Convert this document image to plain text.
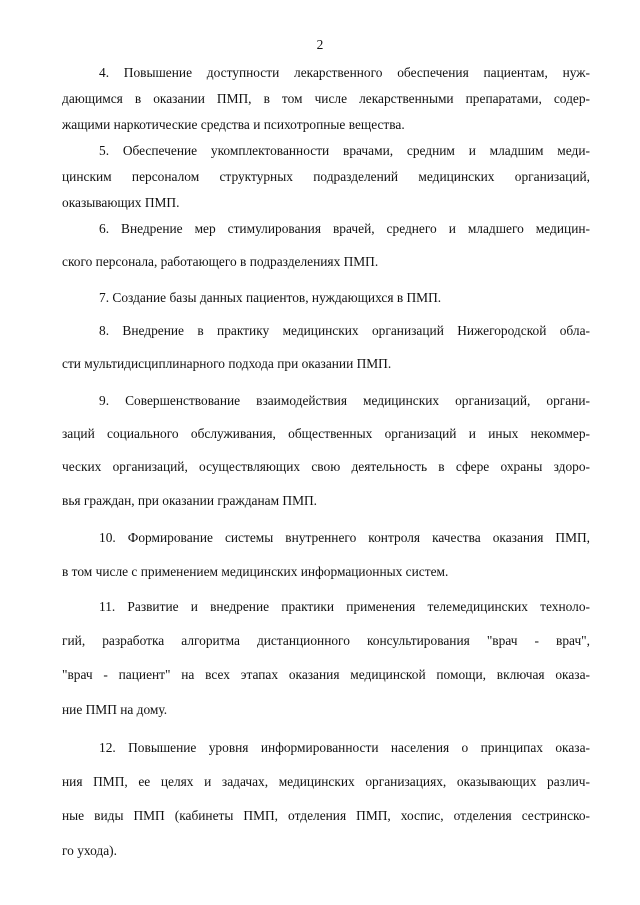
2
4. Повышение доступности лекарственного обеспечения пациентам, нуж-
дающимся в оказании ПМП, в том числе лекарственными препаратами, содер-
жащими наркотические средства и психотропные вещества.
5. Обеспечение укомплектованности врачами, средним и младшим меди-
цинским персоналом структурных подразделений медицинских организаций,
оказывающих ПМП.
6. Внедрение мер стимулирования врачей, среднего и младшего медицин-
ского персонала, работающего в подразделениях ПМП.
7. Создание базы данных пациентов, нуждающихся в ПМП.
8. Внедрение в практику медицинских организаций Нижегородской обла-
сти мультидисциплинарного подхода при оказании ПМП.
9. Совершенствование взаимодействия медицинских организаций, органи-
заций социального обслуживания, общественных организаций и иных некоммер-
ческих организаций, осуществляющих свою деятельность в сфере охраны здоро-
вья граждан, при оказании гражданам ПМП.
10. Формирование системы внутреннего контроля качества оказания ПМП,
в том числе с применением медицинских информационных систем.
11. Развитие и внедрение практики применения телемедицинских техноло-
гий, разработка алгоритма дистанционного консультирования "врач - врач",
"врач - пациент" на всех этапах оказания медицинской помощи, включая оказа-
ние ПМП на дому.
12. Повышение уровня информированности населения о принципах оказа-
ния ПМП, ее целях и задачах, медицинских организациях, оказывающих различ-
ные виды ПМП (кабинеты ПМП, отделения ПМП, хоспис, отделения сестринско-
го ухода).
